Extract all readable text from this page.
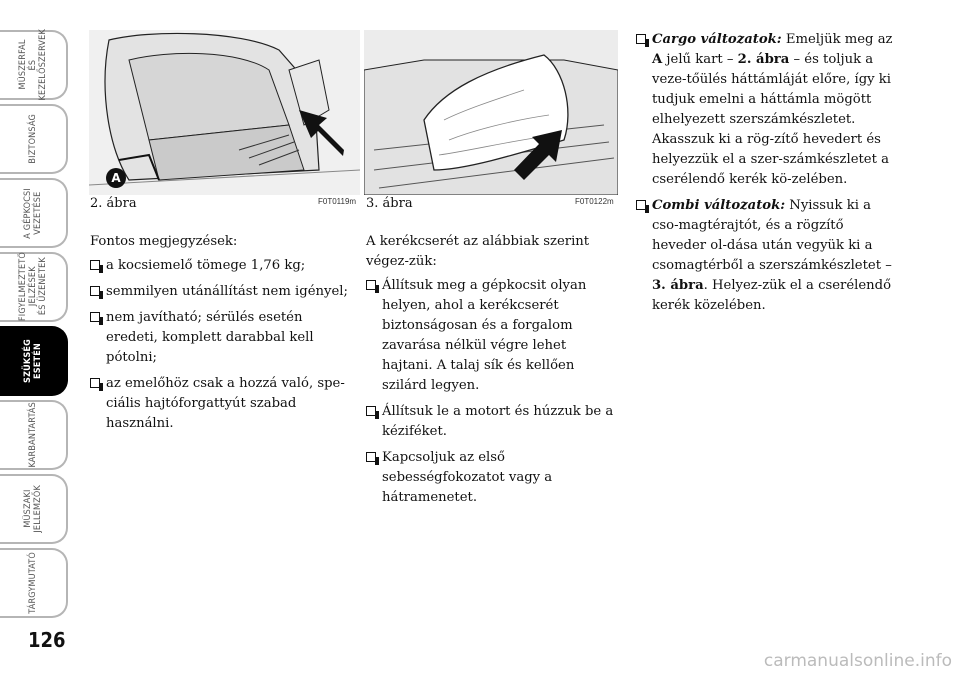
MŰSZERFAL
ÉS
KEZELŐSZERVEK
BIZTONSÁG
A GÉPKOCSI
VEZETÉSE
FIGYELMEZTETŐ
JELZÉSEK
ÉS ÜZENETEK
SZÜKSÉG
ESETÉN
KARBANTARTÁS
MŰSZAKI
JELLEMZŐK
TÁRGYMUTATÓ
126
A
2. ábra	F0T0119m 3. ábra	F0T0122m

Fontos megjegyzések:

a kocsiemelő tömege 1,76 kg;

semmilyen utánállítást nem igényel;

nem javítható; sérülés esetén eredeti, komplett darabbal kell pótolni;

az emelőhöz csak a hozzá való, spe-ciális hajtóforgattyút szabad használni.

A kerékcserét az alábbiak szerint végez-zük:

Állítsuk meg a gépkocsit olyan helyen, ahol a kerékcserét biztonságosan és a forgalom zavarása nélkül végre lehet hajtani. A talaj sík és kellően szilárd legyen.

Állítsuk le a motort és húzzuk be a kéziféket.

Kapcsoljuk az első sebességfokozatot vagy a hátramenetet.

Cargo változatok: Emeljük meg az A jelű kart – 2. ábra – és toljuk a veze-tőülés háttámláját előre, így ki tudjuk emelni a háttámla mögött elhelyezett szerszámkészletet. Akasszuk ki a rög-zítő hevedert és helyezzük el a szer-számkészletet a cserélendő kerék kö-zelében.

Combi változatok: Nyissuk ki a cso-magtérajtót, és a rögzítő heveder ol-dása után vegyük ki a csomagtérből a szerszámkészletet – 3. ábra. Helyez-zük el a cserélendő kerék közelében.

carmanualsonline.info
